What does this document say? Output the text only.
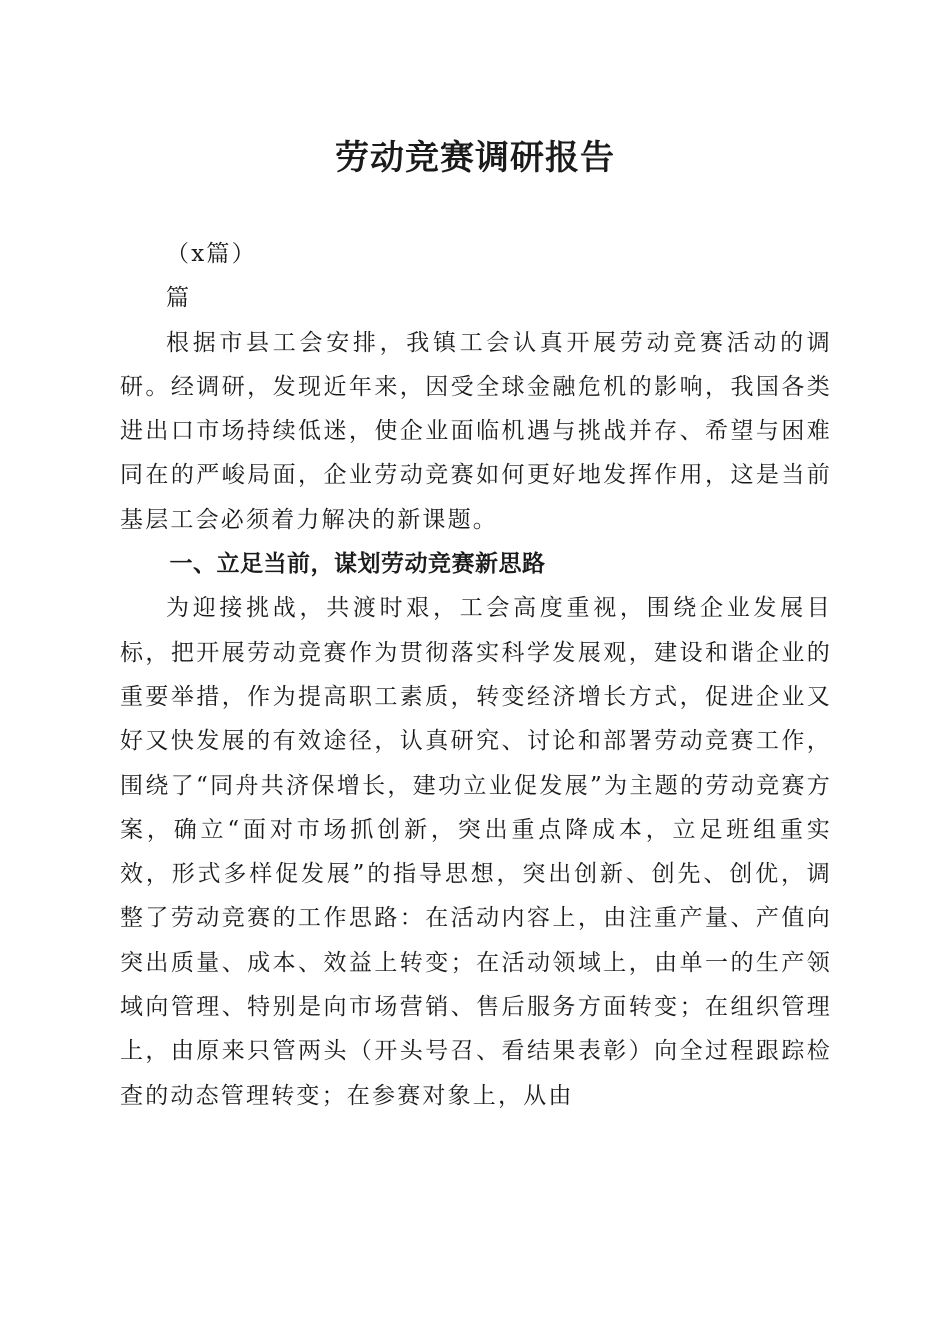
劳动竞赛调研报告

（x篇）

篇

根据市县工会安排，我镇工会认真开展劳动竞赛活动的调研。经调研，发现近年来，因受全球金融危机的影响，我国各类进出口市场持续低迷，使企业面临机遇与挑战并存、希望与困难同在的严峻局面，企业劳动竞赛如何更好地发挥作用，这是当前基层工会必须着力解决的新课题。

一、立足当前，谋划劳动竞赛新思路

为迎接挑战，共渡时艰，工会高度重视，围绕企业发展目标，把开展劳动竞赛作为贯彻落实科学发展观，建设和谐企业的重要举措，作为提高职工素质，转变经济增长方式，促进企业又好又快发展的有效途径，认真研究、讨论和部署劳动竞赛工作，围绕了“同舟共济保增长，建功立业促发展”为主题的劳动竞赛方案，确立“面对市场抓创新，突出重点降成本，立足班组重实效，形式多样促发展”的指导思想，突出创新、创先、创优，调整了劳动竞赛的工作思路：在活动内容上，由注重产量、产值向突出质量、成本、效益上转变；在活动领域上，由单一的生产领域向管理、特别是向市场营销、售后服务方面转变；在组织管理上，由原来只管两头（开头号召、看结果表彰）向全过程跟踪检查的动态管理转变；在参赛对象上，从由
